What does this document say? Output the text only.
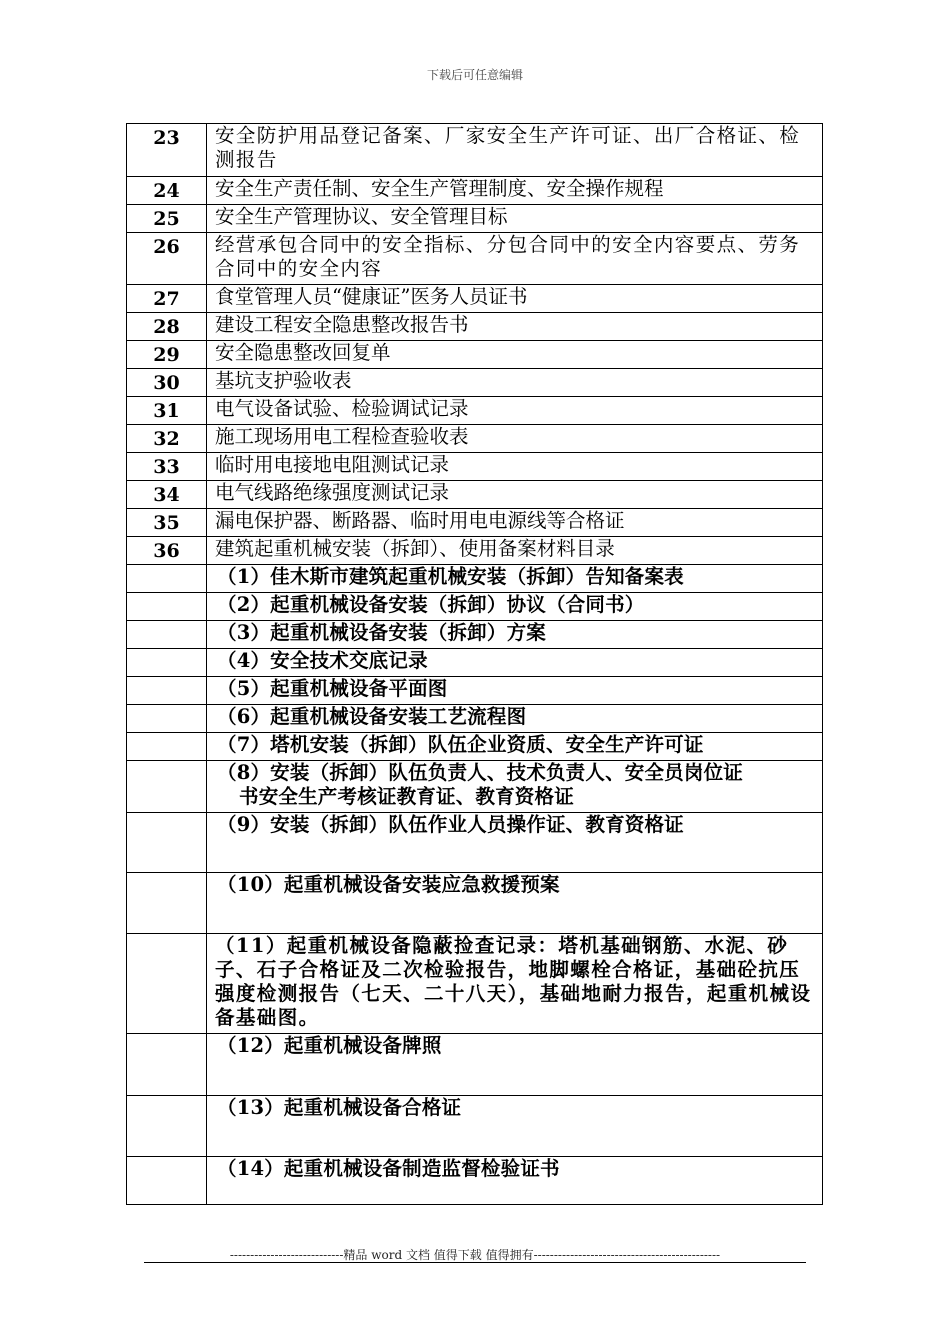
下载后可任意编辑
23	安全防护用品登记备案、厂家安全生产许可证、出厂合格证、检测报告
24	安全生产责任制、安全生产管理制度、安全操作规程
25	安全生产管理协议、安全管理目标
26	经营承包合同中的安全指标、分包合同中的安全内容要点、劳务合同中的安全内容
27	食堂管理人员“健康证”医务人员证书
28	建设工程安全隐患整改报告书
29	安全隐患整改回复单
30	基坑支护验收表
31	电气设备试验、检验调试记录
32	施工现场用电工程检查验收表
33	临时用电接地电阻测试记录
34	电气线路绝缘强度测试记录
35	漏电保护器、断路器、临时用电电源线等合格证
36	建筑起重机械安装（拆卸）、使用备案材料目录
	（1）佳木斯市建筑起重机械安装（拆卸）告知备案表
	（2）起重机械设备安装（拆卸）协议（合同书）
	（3）起重机械设备安装（拆卸）方案
	（4）安全技术交底记录
	（5）起重机械设备平面图
	（6）起重机械设备安装工艺流程图
	（7）塔机安装（拆卸）队伍企业资质、安全生产许可证
	（8）安装（拆卸）队伍负责人、技术负责人、安全员岗位证
书安全生产考核证教育证、教育资格证

	（9）安装（拆卸）队伍作业人员操作证、教育资格证
	（10）起重机械设备安装应急救援预案
	（11）起重机械设备隐蔽捡查记录：塔机基础钢筋、水泥、砂子、石子合格证及二次检验报告，地脚螺栓合格证，基础砼抗压强度检测报告（七天、二十八天），基础地耐力报告，起重机械设备基础图。
	（12）起重机械设备牌照
	（13）起重机械设备合格证
	（14）起重机械设备制造监督检验证书
----------------------------精品 word 文档 值得下载 值得拥有----------------------------------------------
